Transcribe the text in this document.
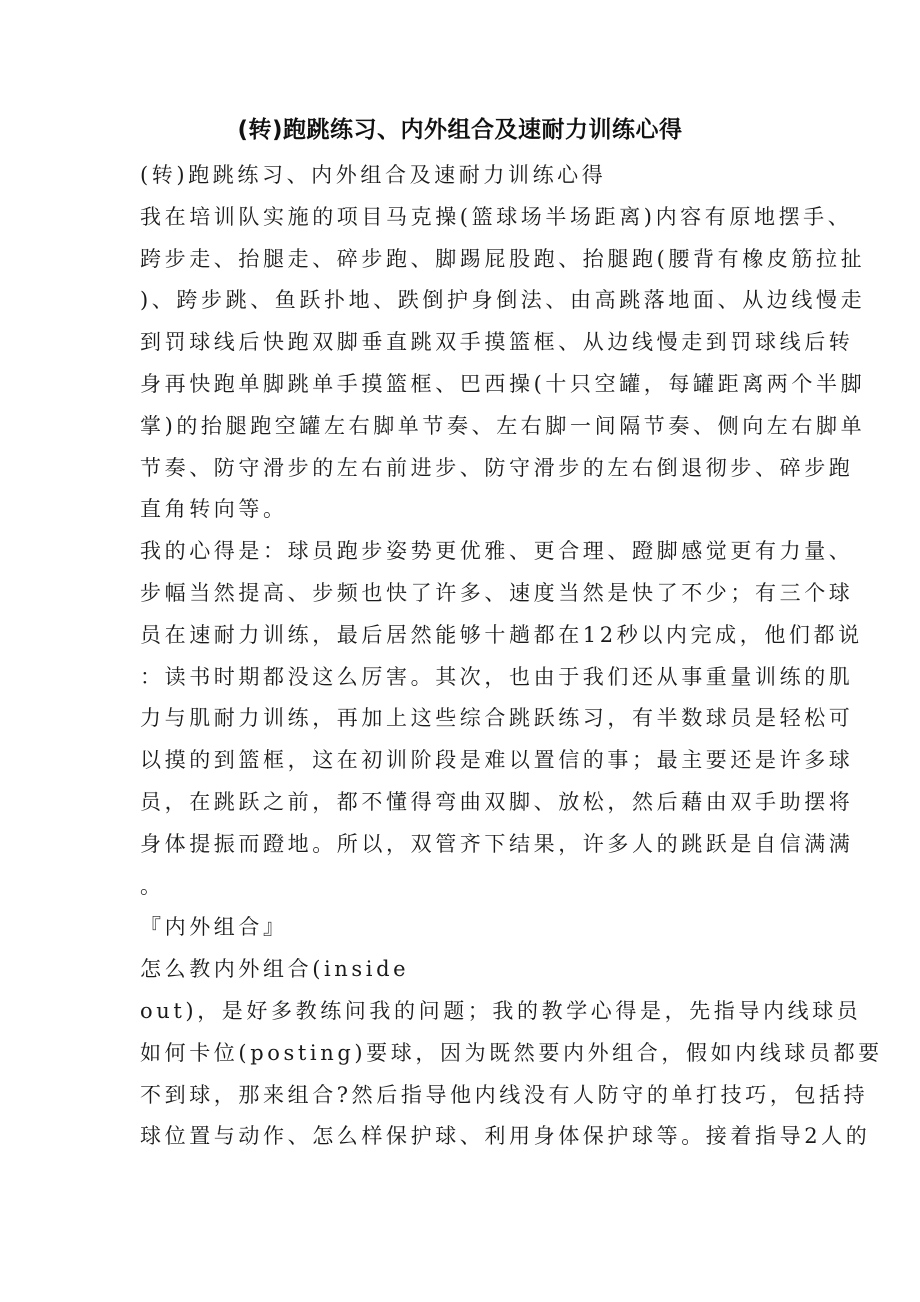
(转)跑跳练习、内外组合及速耐力训练心得
(转)跑跳练习、内外组合及速耐力训练心得
我在培训队实施的项目马克操(篮球场半场距离)内容有原地摆手、
跨步走、抬腿走、碎步跑、脚踢屁股跑、抬腿跑(腰背有橡皮筋拉扯
)、跨步跳、鱼跃扑地、跌倒护身倒法、由高跳落地面、从边线慢走
到罚球线后快跑双脚垂直跳双手摸篮框、从边线慢走到罚球线后转
身再快跑单脚跳单手摸篮框、巴西操(十只空罐，每罐距离两个半脚
掌)的抬腿跑空罐左右脚单节奏、左右脚一间隔节奏、侧向左右脚单
节奏、防守滑步的左右前进步、防守滑步的左右倒退彻步、碎步跑
直角转向等。
我的心得是：球员跑步姿势更优雅、更合理、蹬脚感觉更有力量、
步幅当然提高、步频也快了许多、速度当然是快了不少；有三个球
员在速耐力训练，最后居然能够十趟都在12秒以内完成，他们都说
：读书时期都没这么厉害。其次，也由于我们还从事重量训练的肌
力与肌耐力训练，再加上这些综合跳跃练习，有半数球员是轻松可
以摸的到篮框，这在初训阶段是难以置信的事；最主要还是许多球
员，在跳跃之前，都不懂得弯曲双脚、放松，然后藉由双手助摆将
身体提振而蹬地。所以，双管齐下结果，许多人的跳跃是自信满满
。
『内外组合』
怎么教内外组合(inside
out)，是好多教练问我的问题；我的教学心得是，先指导内线球员
如何卡位(posting)要球，因为既然要内外组合，假如内线球员都要
不到球，那来组合?然后指导他内线没有人防守的单打技巧，包括持
球位置与动作、怎么样保护球、利用身体保护球等。接着指导2人的
